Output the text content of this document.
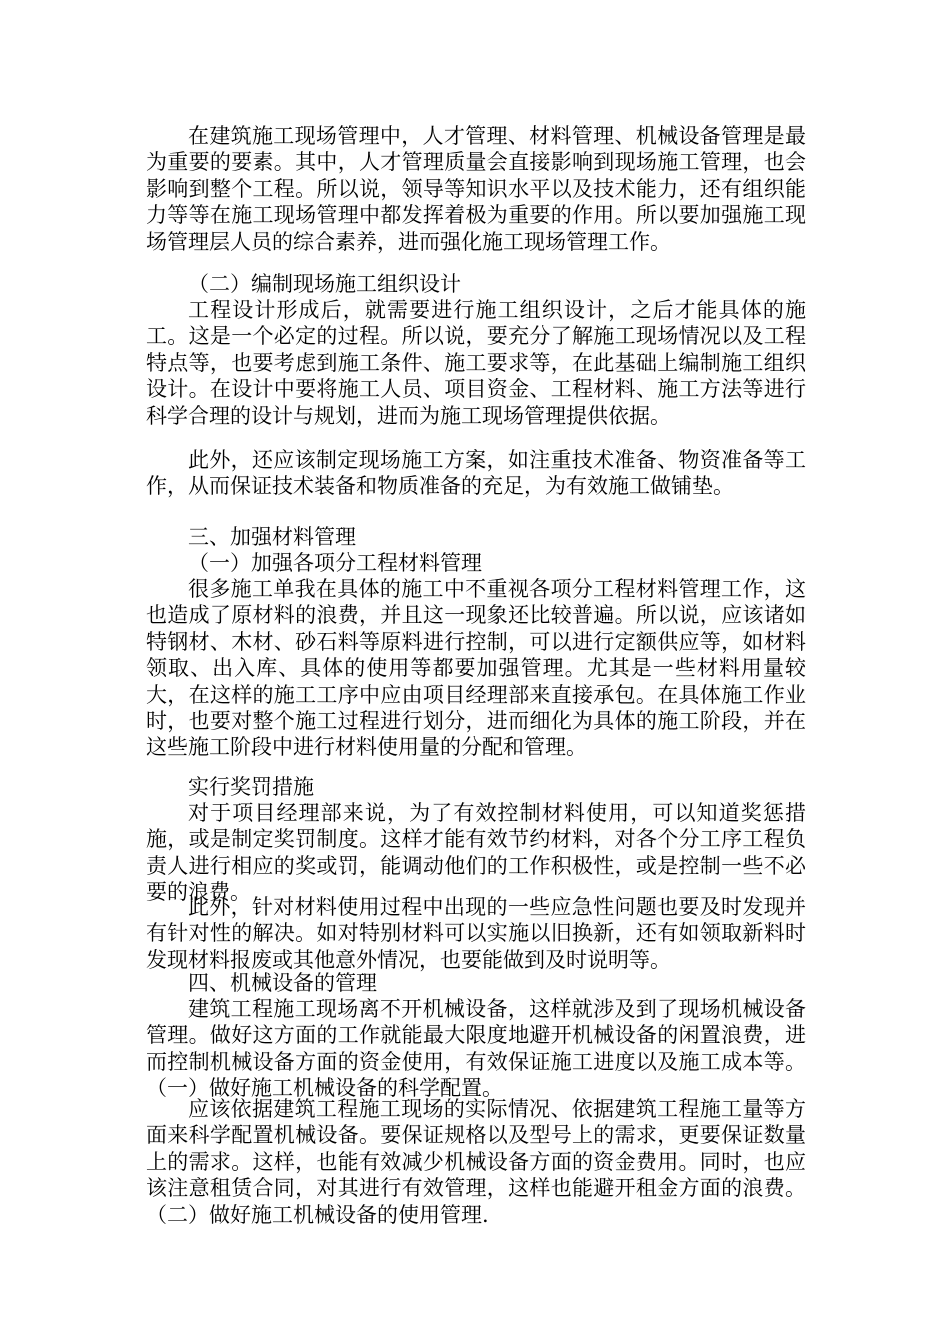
在建筑施工现场管理中，人才管理、材料管理、机械设备管理是最为重要的要素。其中，人才管理质量会直接影响到现场施工管理，也会影响到整个工程。所以说，领导等知识水平以及技术能力，还有组织能力等等在施工现场管理中都发挥着极为重要的作用。所以要加强施工现场管理层人员的综合素养，进而强化施工现场管理工作。

（二）编制现场施工组织设计

工程设计形成后，就需要进行施工组织设计，之后才能具体的施工。这是一个必定的过程。所以说，要充分了解施工现场情况以及工程特点等，也要考虑到施工条件、施工要求等，在此基础上编制施工组织设计。在设计中要将施工人员、项目资金、工程材料、施工方法等进行科学合理的设计与规划，进而为施工现场管理提供依据。

此外，还应该制定现场施工方案，如注重技术准备、物资准备等工作，从而保证技术装备和物质准备的充足，为有效施工做铺垫。

三、加强材料管理

（一）加强各项分工程材料管理

很多施工单我在具体的施工中不重视各项分工程材料管理工作，这也造成了原材料的浪费，并且这一现象还比较普遍。所以说，应该诸如特钢材、木材、砂石料等原料进行控制，可以进行定额供应等，如材料领取、出入库、具体的使用等都要加强管理。尤其是一些材料用量较大，在这样的施工工序中应由项目经理部来直接承包。在具体施工作业时，也要对整个施工过程进行划分，进而细化为具体的施工阶段，并在这些施工阶段中进行材料使用量的分配和管理。

实行奖罚措施

对于项目经理部来说，为了有效控制材料使用，可以知道奖惩措施，或是制定奖罚制度。这样才能有效节约材料，对各个分工序工程负责人进行相应的奖或罚，能调动他们的工作积极性，或是控制一些不必要的浪费。

此外，针对材料使用过程中出现的一些应急性问题也要及时发现并有针对性的解决。如对特别材料可以实施以旧换新，还有如领取新料时发现材料报废或其他意外情况，也要能做到及时说明等。

四、机械设备的管理

建筑工程施工现场离不开机械设备，这样就涉及到了现场机械设备管理。做好这方面的工作就能最大限度地避开机械设备的闲置浪费，进而控制机械设备方面的资金使用，有效保证施工进度以及施工成本等。（一）做好施工机械设备的科学配置。

应该依据建筑工程施工现场的实际情况、依据建筑工程施工量等方面来科学配置机械设备。要保证规格以及型号上的需求，更要保证数量上的需求。这样，也能有效减少机械设备方面的资金费用。同时，也应该注意租赁合同，对其进行有效管理，这样也能避开租金方面的浪费。（二）做好施工机械设备的使用管理.
